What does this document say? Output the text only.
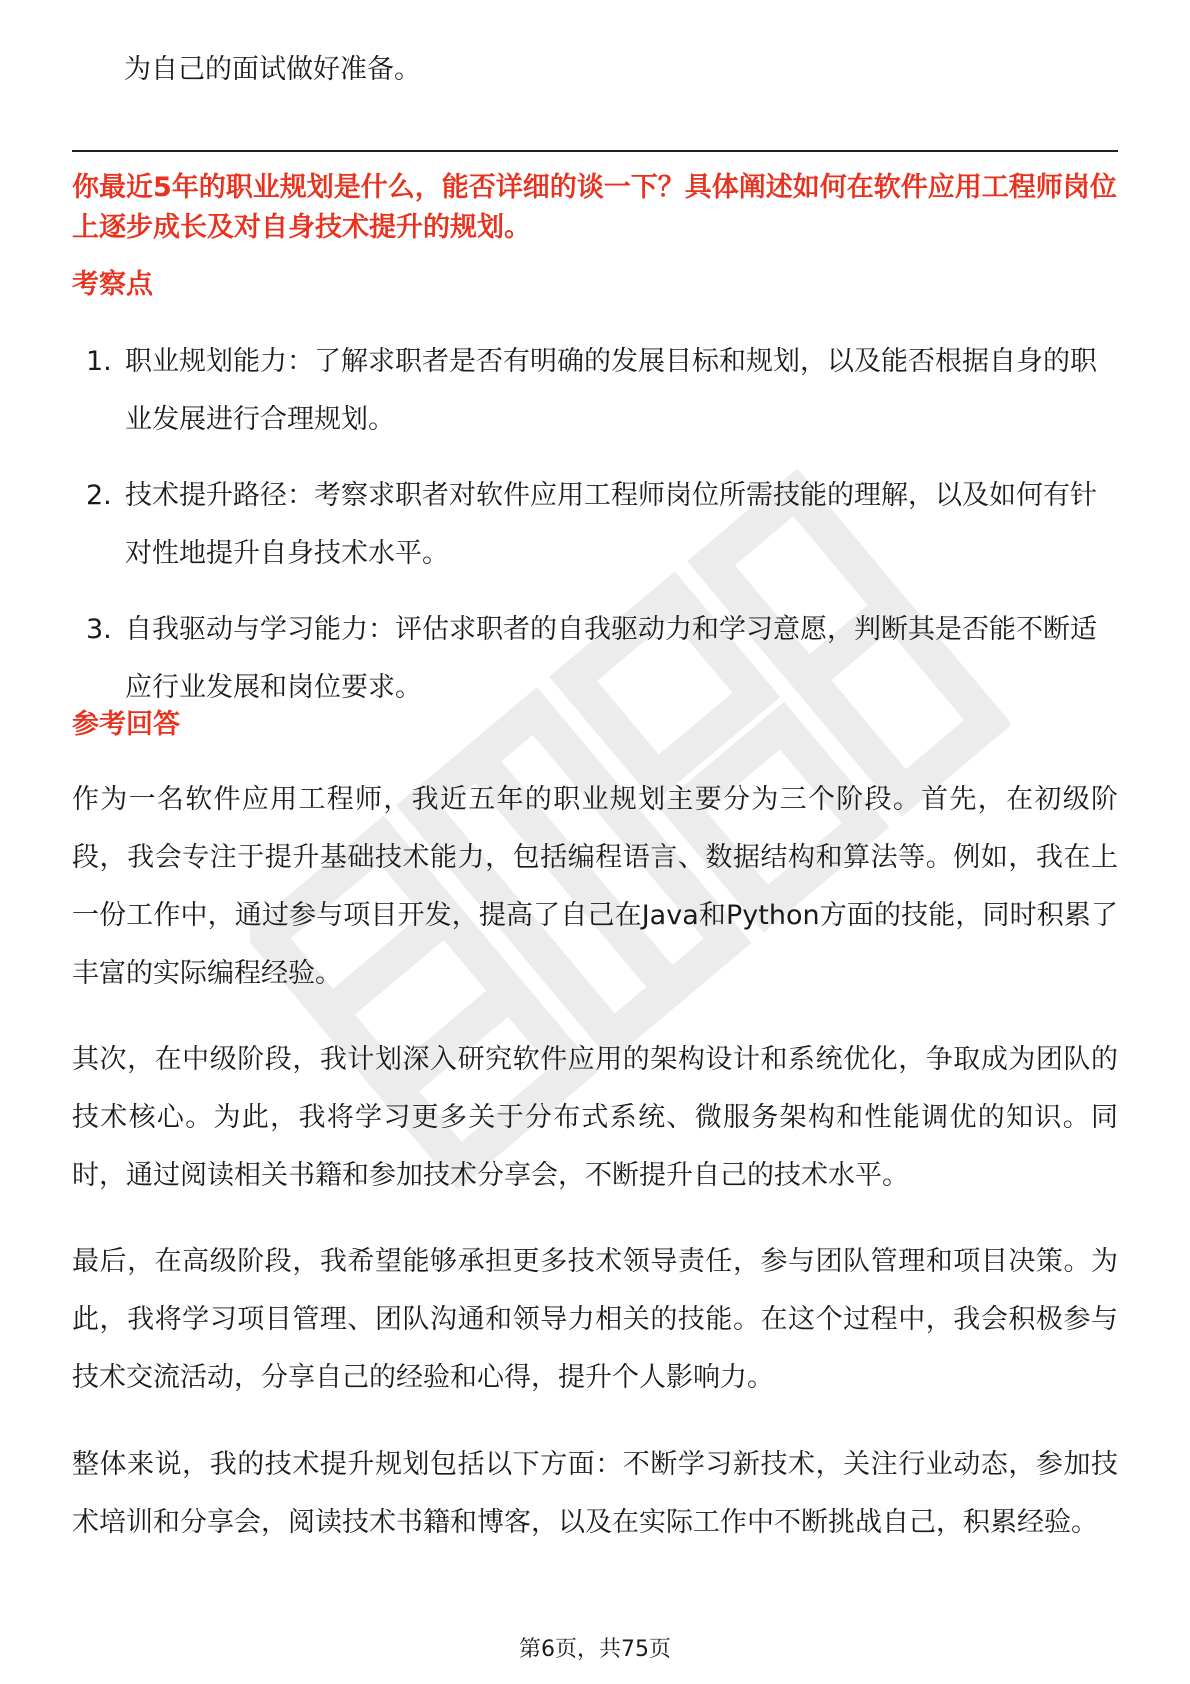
为自己的面试做好准备。
你最近5年的职业规划是什么，能否详细的谈一下？具体阐述如何在软件应用工程师岗位上逐步成长及对自身技术提升的规划。
考察点
1. 职业规划能力：了解求职者是否有明确的发展目标和规划，以及能否根据自身的职业发展进行合理规划。
2. 技术提升路径：考察求职者对软件应用工程师岗位所需技能的理解，以及如何有针对性地提升自身技术水平。
3. 自我驱动与学习能力：评估求职者的自我驱动力和学习意愿，判断其是否能不断适应行业发展和岗位要求。
参考回答

作为一名软件应用工程师，我近五年的职业规划主要分为三个阶段。首先，在初级阶段，我会专注于提升基础技术能力，包括编程语言、数据结构和算法等。例如，我在上一份工作中，通过参与项目开发，提高了自己在Java和Python方面的技能，同时积累了丰富的实际编程经验。

其次，在中级阶段，我计划深入研究软件应用的架构设计和系统优化，争取成为团队的技术核心。为此，我将学习更多关于分布式系统、微服务架构和性能调优的知识。同时，通过阅读相关书籍和参加技术分享会，不断提升自己的技术水平。

最后，在高级阶段，我希望能够承担更多技术领导责任，参与团队管理和项目决策。为此，我将学习项目管理、团队沟通和领导力相关的技能。在这个过程中，我会积极参与技术交流活动，分享自己的经验和心得，提升个人影响力。

整体来说，我的技术提升规划包括以下方面：不断学习新技术，关注行业动态，参加技术培训和分享会，阅读技术书籍和博客，以及在实际工作中不断挑战自己，积累经验。

第6页，共75页
